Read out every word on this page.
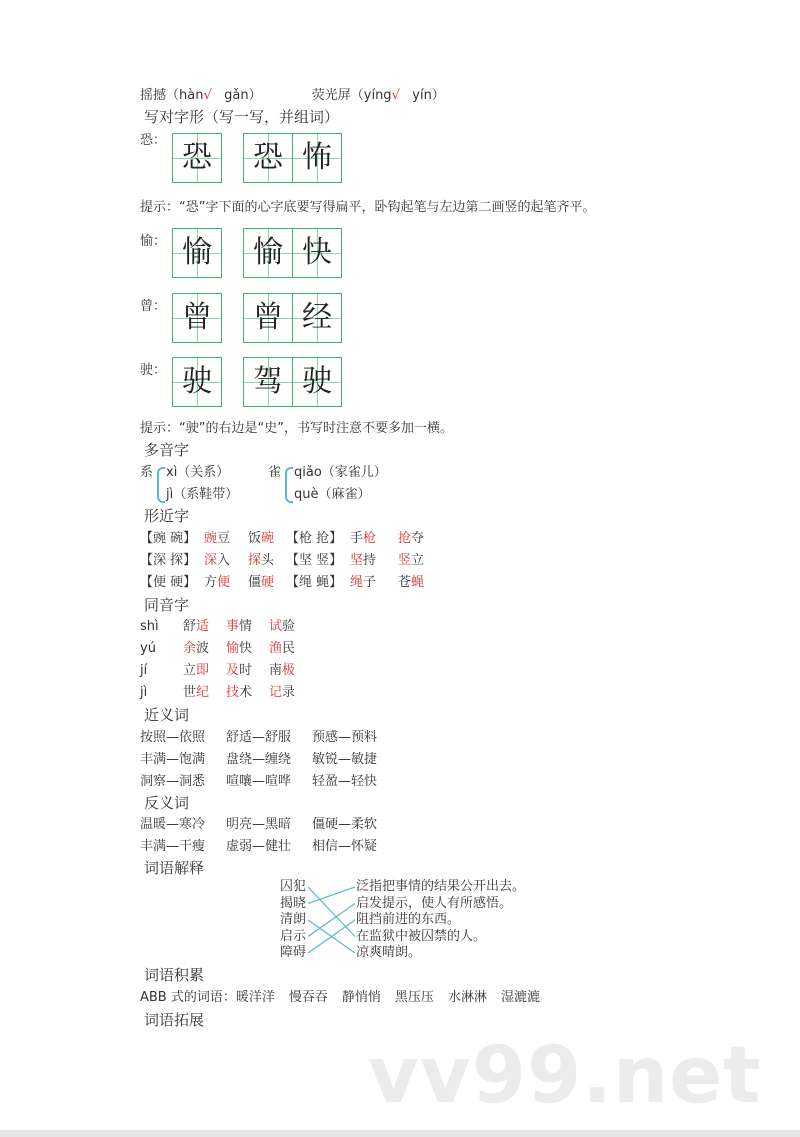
摇撼（hàn√ gǎn）	荧光屏（yíng√ yín）
写对字形（写一写，并组词）
提示：“恐”字下面的心字底要写得扁平，卧钩起笔与左边第二画竖的起笔齐平。
提示：“驶”的右边是“史”，书写时注意不要多加一横。
多音字
形近字
同音字
近义词
反义词
词语解释
词语积累
ABB 式的词语：暖洋洋 慢吞吞 静悄悄 黑压压 水淋淋 湿漉漉
词语拓展
vv99.net
恐： 恐 恐 怖
愉： 愉 愉 快
曾： 曾 曾 经
驶： 驶 驾 驶
系 xì（关系）
jì（系鞋带）
雀 qiǎo（家雀儿）
què（麻雀）
【豌 碗】 豌豆 饭碗 【枪 抢】 手枪 抢夺
【深 探】 深入 探头 【坚 竖】 坚持 竖立
【便 硬】 方便 僵硬 【绳 蝇】 绳子 苍蝇
shì 舒适 事情 试验
yú 余波 愉快 渔民
jí	立即 及时 南极
jì	世纪 技术 记录
按照—依照 舒适—舒服 预感—预料
丰满—饱满 盘绕—缠绕 敏锐—敏捷
洞察—洞悉 喧嚷—喧哗 轻盈—轻快
温暖—寒冷 明亮—黑暗 僵硬—柔软
丰满—干瘦 虚弱—健壮 相信—怀疑
囚犯
揭晓
清朗
启示
障碍
泛指把事情的结果公开出去。
启发提示，使人有所感悟。
阻挡前进的东西。
在监狱中被囚禁的人。
凉爽晴朗。
